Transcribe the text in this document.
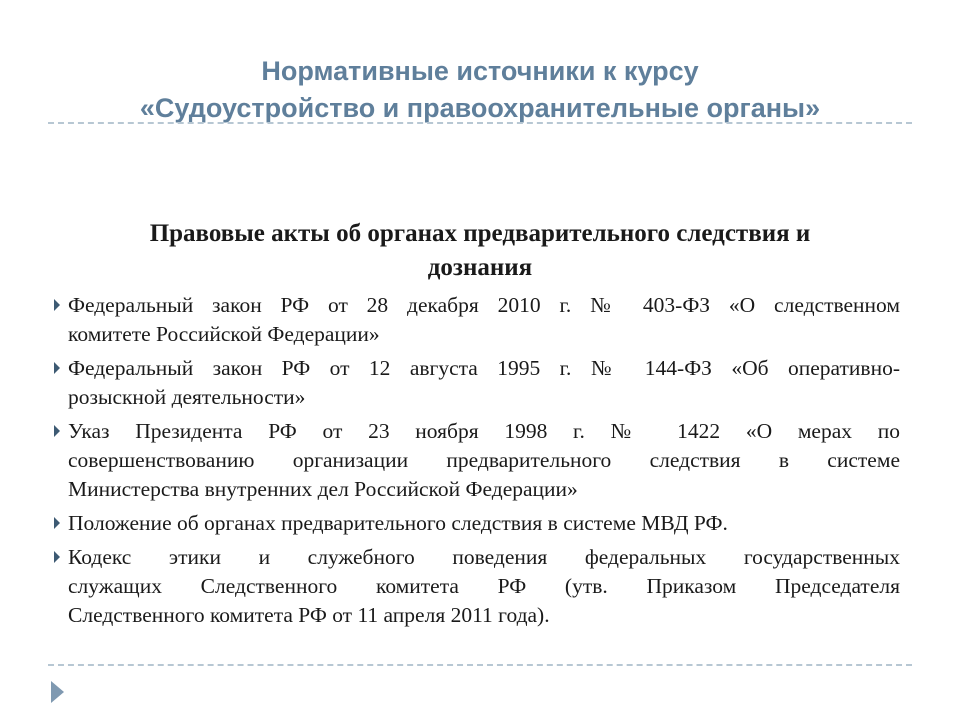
Нормативные источники к курсу
«Судоустройство и правоохранительные органы»
Правовые акты об органах предварительного следствия и
дознания
Федеральный закон РФ от 28 декабря 2010 г. № 403-ФЗ «О следственном
комитете Российской Федерации»
Федеральный закон РФ от 12 августа 1995 г. № 144-ФЗ «Об оперативно-
розыскной деятельности»
Указ Президента РФ от 23 ноября 1998 г. № 1422 «О мерах по
совершенствованию организации предварительного следствия в системе
Министерства внутренних дел Российской Федерации»
Положение об органах предварительного следствия в системе МВД РФ.
Кодекс этики и служебного поведения федеральных государственных
служащих Следственного комитета РФ (утв. Приказом Председателя
Следственного комитета РФ от 11 апреля 2011 года).
